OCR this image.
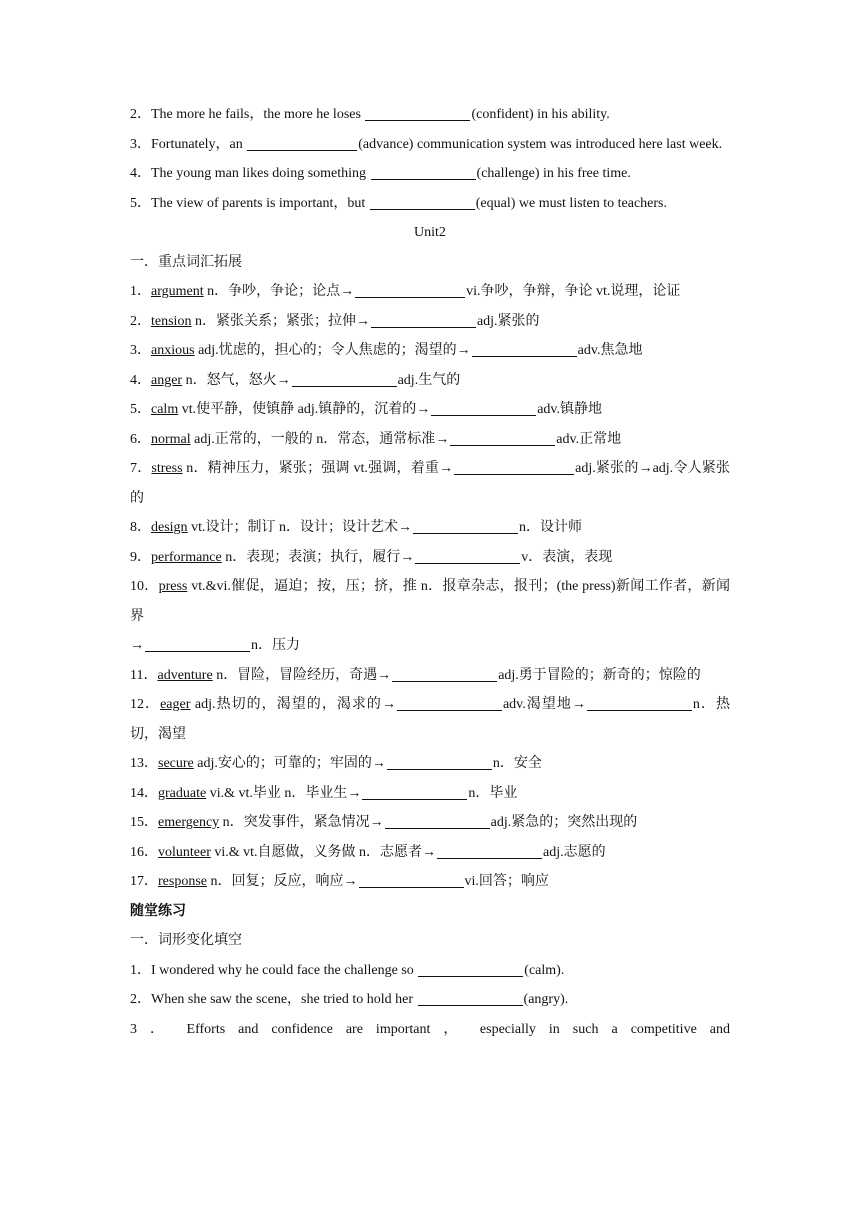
2．The more he fails，the more he loses	(confident) in his ability.
3．Fortunately，an	(advance) communication system was introduced here last week.
4．The young man likes doing something	(challenge) in his free time.
5．The view of parents is important，but	(equal) we must listen to teachers.
Unit2
一．重点词汇拓展
1．argument n．争吵，争论；论点→	vi.争吵，争辩，争论 vt.说理，论证
2．tension n．紧张关系；紧张；拉伸→	adj.紧张的
3．anxious adj.忧虑的，担心的；令人焦虑的；渴望的→	adv.焦急地
4．anger n．怒气，怒火→	adj.生气的
5．calm vt.使平静，使镇静 adj.镇静的，沉着的→	adv.镇静地
6．normal adj.正常的，一般的 n．常态，通常标准→	adv.正常地
7．stress n．精神压力，紧张；强调 vt.强调，着重→	adj.紧张的→adj.令人紧张的
8．design vt.设计；制订 n．设计；设计艺术→	n．设计师
9．performance n．表现；表演；执行，履行→	v．表演，表现
10．press vt.&vi.催促，逼迫；按，压；挤，推 n．报章杂志，报刊；(the press)新闻工作者，新闻界
→	n．压力
11．adventure n．冒险，冒险经历，奇遇→	adj.勇于冒险的；新奇的；惊险的
12．eager adj.热切的，渴望的，渴求的→	adv.渴望地→	n．热切，渴望
13．secure adj.安心的；可靠的；牢固的→	n．安全
14．graduate vi.& vt.毕业 n．毕业生→	n．毕业
15．emergency n．突发事件，紧急情况→	adj.紧急的；突然出现的
16．volunteer vi.& vt.自愿做，义务做 n．志愿者→	adj.志愿的
17．response n．回复；反应，响应→	vi.回答；响应
随堂练习
一．词形变化填空
1．I wondered why he could face the challenge so	(calm).
2．When she saw the scene，she tried to hold her	(angry).
3 ． Efforts and confidence are important ， especially in such a competitive and
